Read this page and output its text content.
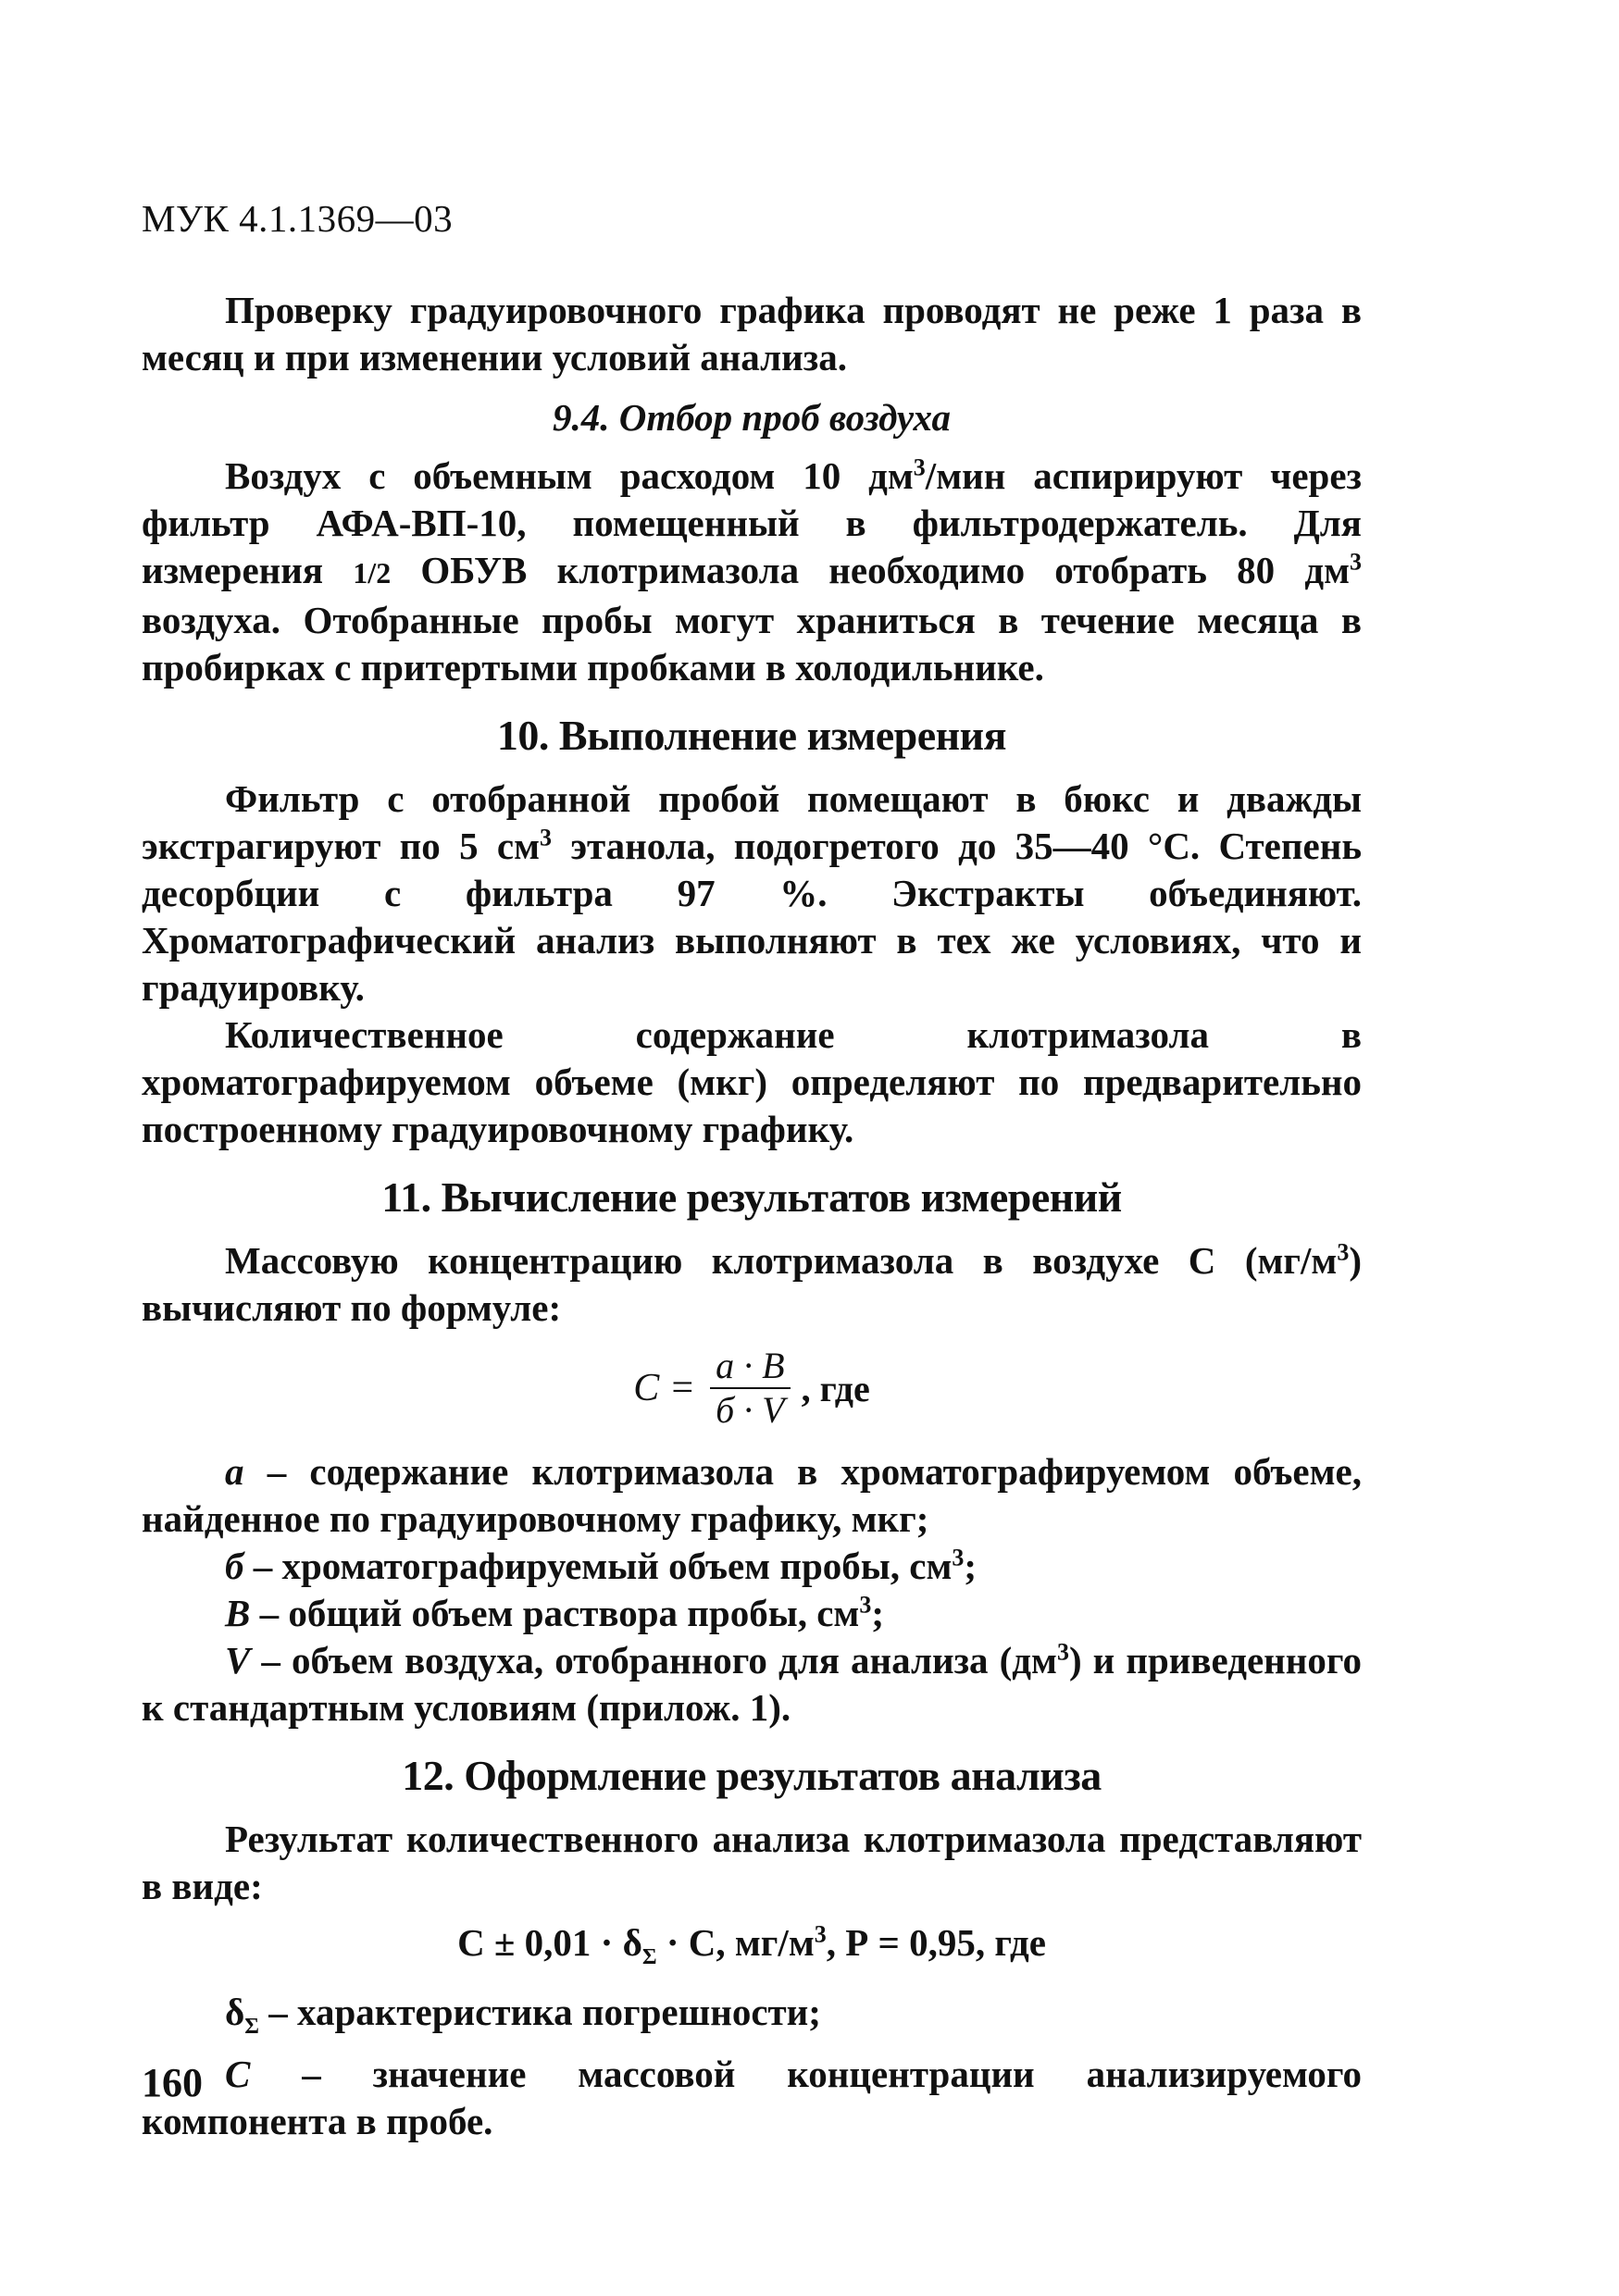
МУК 4.1.1369—03

Проверку градуировочного графика проводят не реже 1 раза в месяц и при изменении условий анализа.

9.4. Отбор проб воздуха

Воздух с объемным расходом 10 $дм^3$/мин аспирируют через фильтр АФА-ВП-10, помещенный в фильтродержатель. Для измерения 1/2 ОБУВ клотримазола необходимо отобрать 80 $дм^3$ воздуха. Отобранные пробы могут храниться в течение месяца в пробирках с притертыми пробками в холодильнике.

10. Выполнение измерения

Фильтр с отобранной пробой помещают в бюкс и дважды экстрагируют по 5 $см^3$ этанола, подогретого до 35—40 °С. Степень десорбции с фильтра 97 %. Экстракты объединяют. Хроматографический анализ выполняют в тех же условиях, что и градуировку.

Количественное содержание клотримазола в хроматографируемом объеме (мкг) определяют по предварительно построенному градуировочному графику.

11. Вычисление результатов измерений

Массовую концентрацию клотримазола в воздухе С $(мг/м^3)$ вычисляют по формуле:

$C = \frac{a \cdot B}{б \cdot V}$ , где

а – содержание клотримазола в хроматографируемом объеме, найденное по градуировочному графику, мкг;

б – хроматографируемый объем пробы, $см^3$;

В – общий объем раствора пробы, $см^3$;

V – объем воздуха, отобранного для анализа $(дм^3)$ и приведенного к стандартным условиям (прилож. 1).

12. Оформление результатов анализа

Результат количественного анализа клотримазола представляют в виде:

$С \pm 0,01 \cdot \delta_\Sigma \cdot С$, $мг/м^3$, Р = 0,95, где

$\delta_\Sigma$ – характеристика погрешности;

С – значение массовой концентрации анализируемого компонента в пробе.

160
